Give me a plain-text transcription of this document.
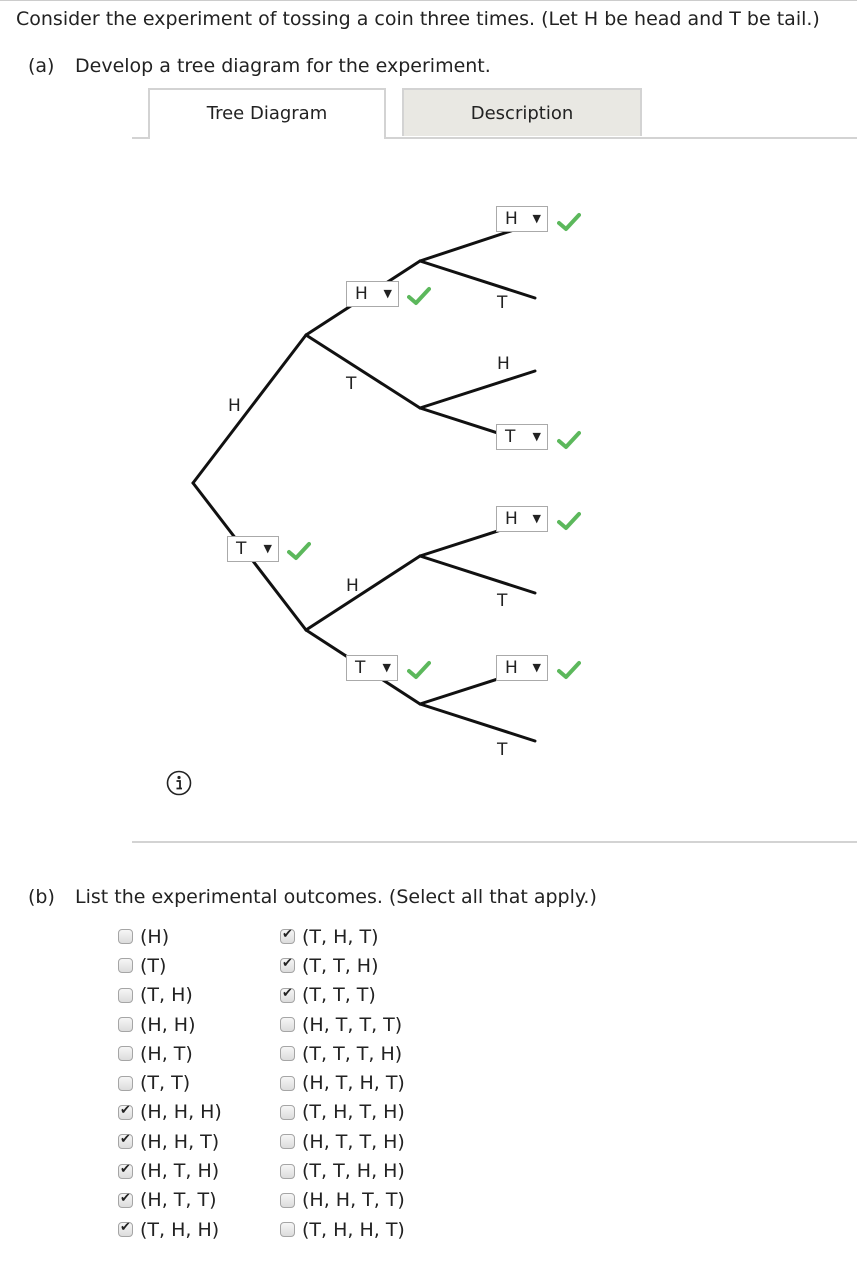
Consider the experiment of tossing a coin three times. (Let H be head and T be tail.)
(a) Develop a tree diagram for the experiment.
Tree Diagram	Description
H
T
T
H
H
T
T
H ▼
H ▼
T ▼
H ▼
T ▼
T ▼	H ▼
(b) List the experimental outcomes. (Select all that apply.)
(H)
(T)
(T, H)
(H, H)
(H, T)
(T, T)
✔
(H, H, H)
✔
(H, H, T)
✔
(H, T, H)
✔
(H, T, T)
✔
(T, H, H)
✔
(T, H, T)
✔
(T, T, H)
✔
(T, T, T)
(H, T, T, T)
(T, T, T, H)
(H, T, H, T)
(T, H, T, H)
(H, T, T, H)
(T, T, H, H)
(H, H, T, T)
(T, H, H, T)
